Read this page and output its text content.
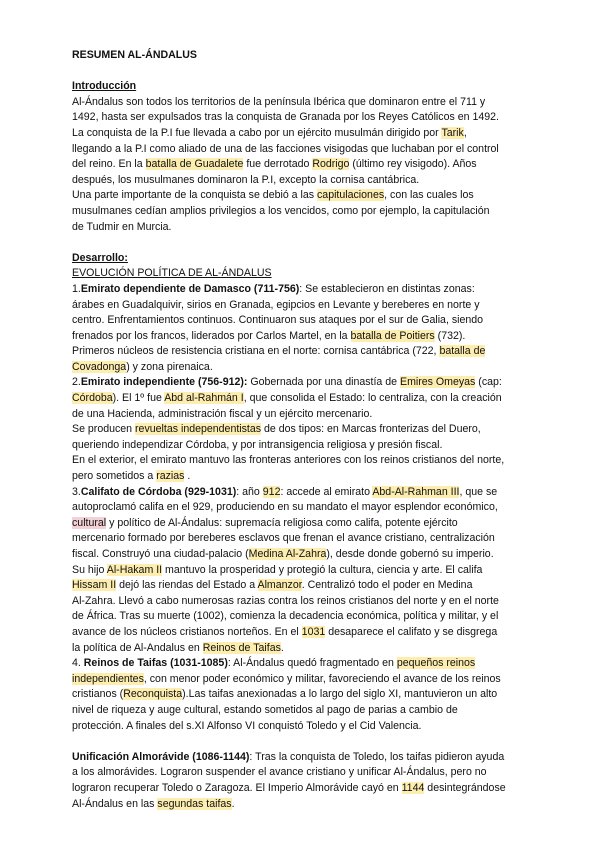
RESUMEN AL-ÁNDALUS
Introducción
Al-Ándalus son todos los territorios de la península Ibérica que dominaron entre el 711 y
1492, hasta ser expulsados tras la conquista de Granada por los Reyes Católicos en 1492.
La conquista de la P.I fue llevada a cabo por un ejército musulmán dirigido por Tarik,
llegando a la P.I como aliado de una de las facciones visigodas que luchaban por el control
del reino. En la batalla de Guadalete fue derrotado Rodrigo (último rey visigodo). Años
después, los musulmanes dominaron la P.I, excepto la cornisa cantábrica.
Una parte importante de la conquista se debió a las capitulaciones, con las cuales los
musulmanes cedían amplios privilegios a los vencidos, como por ejemplo, la capitulación
de Tudmir en Murcia.
Desarrollo:
EVOLUCIÓN POLÍTICA DE AL-ÁNDALUS
1.Emirato dependiente de Damasco (711-756): Se establecieron en distintas zonas:
árabes en Guadalquivir, sirios en Granada, egipcios en Levante y bereberes en norte y
centro. Enfrentamientos continuos. Continuaron sus ataques por el sur de Galia, siendo
frenados por los francos, liderados por Carlos Martel, en la batalla de Poitiers (732).
Primeros núcleos de resistencia cristiana en el norte: cornisa cantábrica (722, batalla de
Covadonga) y zona pirenaica.
2.Emirato independiente (756-912): Gobernada por una dinastía de Emires Omeyas (cap:
Córdoba). El 1º fue Abd al-Rahmán I, que consolida el Estado: lo centraliza, con la creación
de una Hacienda, administración fiscal y un ejército mercenario.
Se producen revueltas independentistas de dos tipos: en Marcas fronterizas del Duero,
queriendo independizar Córdoba, y por intransigencia religiosa y presión fiscal.
En el exterior, el emirato mantuvo las fronteras anteriores con los reinos cristianos del norte,
pero sometidos a razias .
3.Califato de Córdoba (929-1031): año 912: accede al emirato Abd-Al-Rahman III, que se
autoproclamó califa en el 929, produciendo en su mandato el mayor esplendor económico,
cultural y político de Al-Ándalus: supremacía religiosa como califa, potente ejército
mercenario formado por bereberes esclavos que frenan el avance cristiano, centralización
fiscal. Construyó una ciudad-palacio (Medina Al-Zahra), desde donde gobernó su imperio.
Su hijo Al-Hakam II mantuvo la prosperidad y protegió la cultura, ciencia y arte. El califa
Hissam II dejó las riendas del Estado a Almanzor. Centralizó todo el poder en Medina
Al-Zahra. Llevó a cabo numerosas razias contra los reinos cristianos del norte y en el norte
de África. Tras su muerte (1002), comienza la decadencia económica, política y militar, y el
avance de los núcleos cristianos norteños. En el 1031 desaparece el califato y se disgrega
la política de Al-Andalus en Reinos de Taifas.
4. Reinos de Taifas (1031-1085): Al-Ándalus quedó fragmentado en pequeños reinos
independientes, con menor poder económico y militar, favoreciendo el avance de los reinos
cristianos (Reconquista).Las taifas anexionadas a lo largo del siglo XI, mantuvieron un alto
nivel de riqueza y auge cultural, estando sometidos al pago de parias a cambio de
protección. A finales del s.XI Alfonso VI conquistó Toledo y el Cid Valencia.
Unificación Almorávide (1086-1144): Tras la conquista de Toledo, los taifas pidieron ayuda
a los almorávides. Lograron suspender el avance cristiano y unificar Al-Ándalus, pero no
lograron recuperar Toledo o Zaragoza. El Imperio Almorávide cayó en 1144 desintegrándose
Al-Ándalus en las segundas taifas.
